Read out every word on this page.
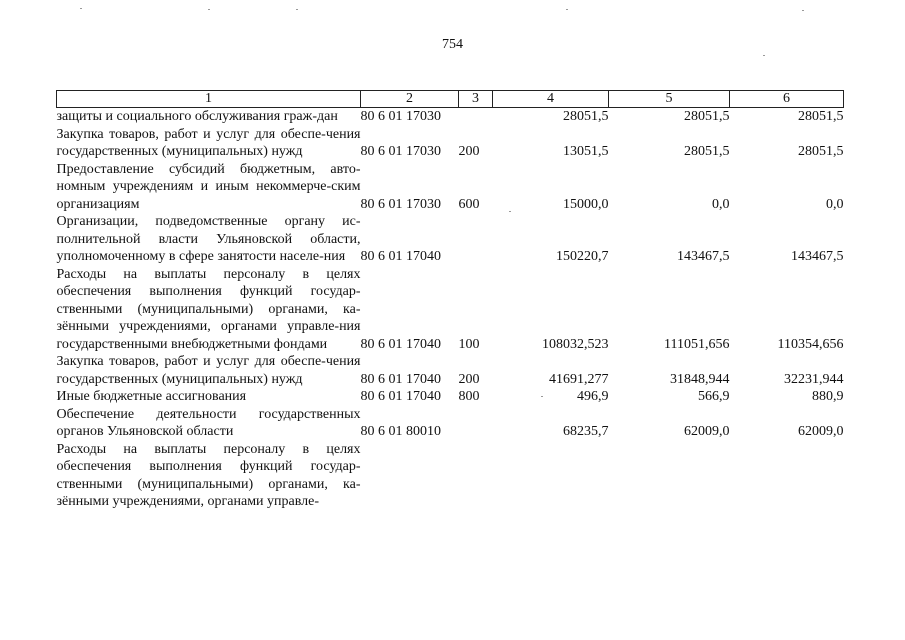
754
1	2	3	4	5	6
защиты и социального обслуживания граж-дан	80 6 01 17030		28051,5	28051,5	28051,5
Закупка товаров, работ и услуг для обеспе-чения государственных (муниципальных) нужд	80 6 01 17030	200	13051,5	28051,5	28051,5
Предоставление субсидий бюджетным, авто-номным учреждениям и иным некоммерче-ским организациям	80 6 01 17030	600	15000,0	0,0	0,0
Организации, подведомственные органу ис-полнительной власти Ульяновской области, уполномоченному в сфере занятости населе-ния	80 6 01 17040		150220,7	143467,5	143467,5
Расходы на выплаты персоналу в целях обеспечения выполнения функций государ-ственными (муниципальными) органами, ка-зёнными учреждениями, органами управле-ния государственными внебюджетными фондами	80 6 01 17040	100	108032,523	111051,656	110354,656
Закупка товаров, работ и услуг для обеспе-чения государственных (муниципальных) нужд	80 6 01 17040	200	41691,277	31848,944	32231,944
Иные бюджетные ассигнования	80 6 01 17040	800	496,9	566,9	880,9
Обеспечение деятельности государственных органов Ульяновской области	80 6 01 80010		68235,7	62009,0	62009,0
Расходы на выплаты персоналу в целях обеспечения выполнения функций государ-ственными (муниципальными) органами, ка-зёнными учреждениями, органами управле-					
